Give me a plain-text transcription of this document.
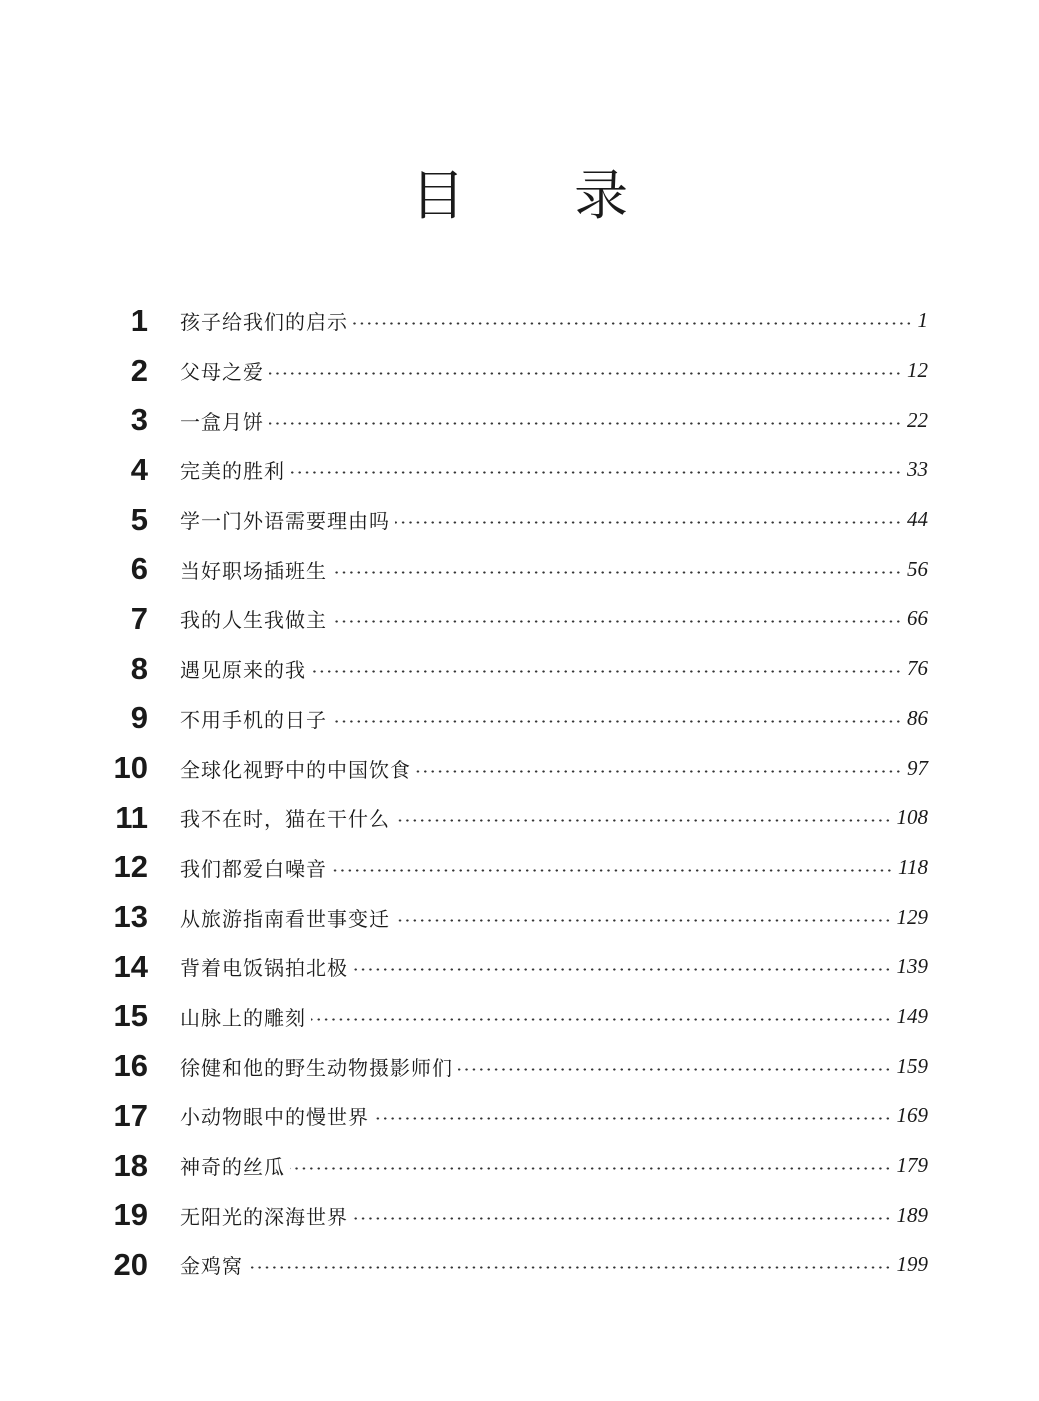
目 录
1 孩子给我们的启示	1
2 父母之爱	12
3 一盒月饼	22
4 完美的胜利	33
5 学一门外语需要理由吗	44
6 当好职场插班生	56
7 我的人生我做主	66
8 遇见原来的我	76
9 不用手机的日子	86
10 全球化视野中的中国饮食	97
11 我不在时，猫在干什么	108
12 我们都爱白噪音	118
13 从旅游指南看世事变迁	129
14 背着电饭锅拍北极	139
15 山脉上的雕刻	149
16 徐健和他的野生动物摄影师们	159
17 小动物眼中的慢世界	169
18 神奇的丝瓜	179
19 无阳光的深海世界	189
20 金鸡窝	199
